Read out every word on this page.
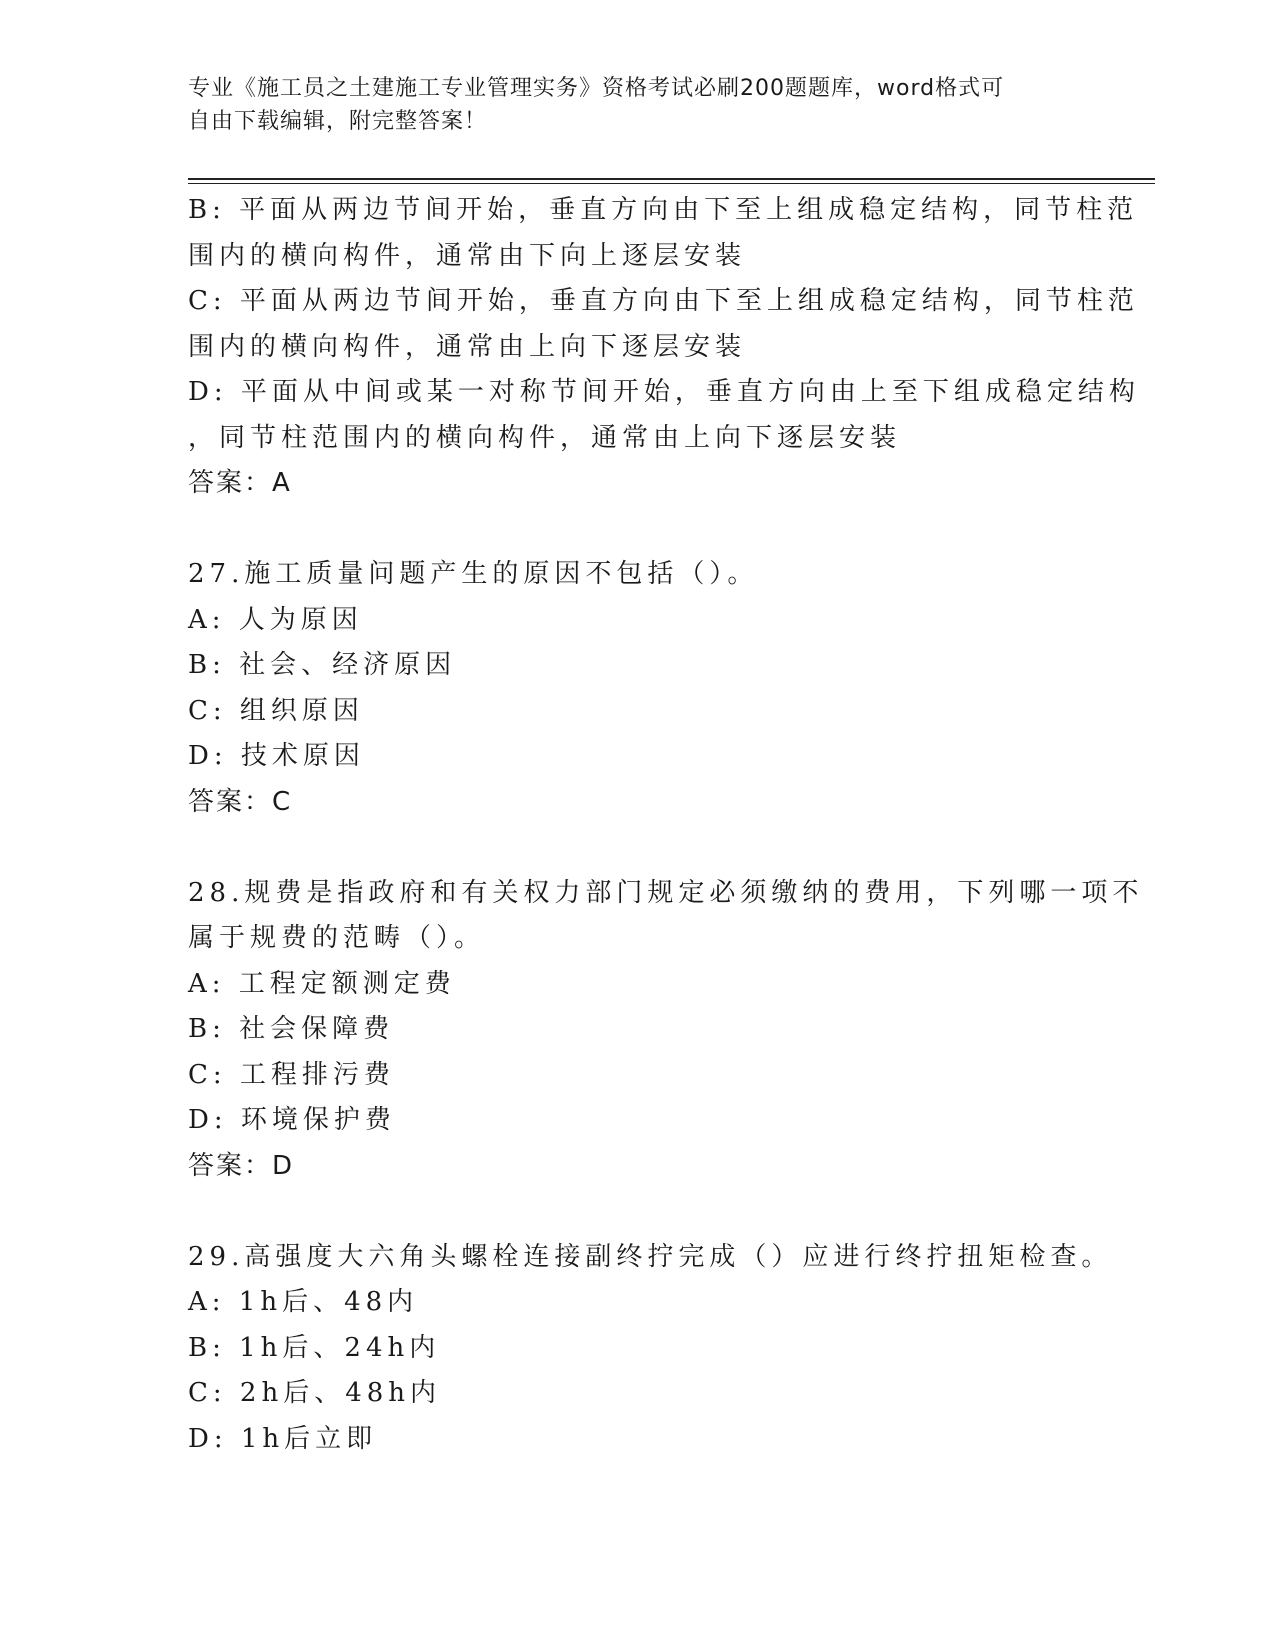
专业《施工员之土建施工专业管理实务》资格考试必刷200题题库，word格式可
自由下载编辑，附完整答案！
B: 平面从两边节间开始，垂直方向由下至上组成稳定结构，同节柱范
围内的横向构件，通常由下向上逐层安装
C: 平面从两边节间开始，垂直方向由下至上组成稳定结构，同节柱范
围内的横向构件，通常由上向下逐层安装
D: 平面从中间或某一对称节间开始，垂直方向由上至下组成稳定结构
，同节柱范围内的横向构件，通常由上向下逐层安装
答案：A
27.施工质量问题产生的原因不包括（）。
A: 人为原因
B: 社会、经济原因
C: 组织原因
D: 技术原因
答案：C
28.规费是指政府和有关权力部门规定必须缴纳的费用，下列哪一项不
属于规费的范畴（）。
A: 工程定额测定费
B: 社会保障费
C: 工程排污费
D: 环境保护费
答案：D
29.高强度大六角头螺栓连接副终拧完成（）应进行终拧扭矩检查。
A: 1h后、48内
B: 1h后、24h内
C: 2h后、48h内
D: 1h后立即
